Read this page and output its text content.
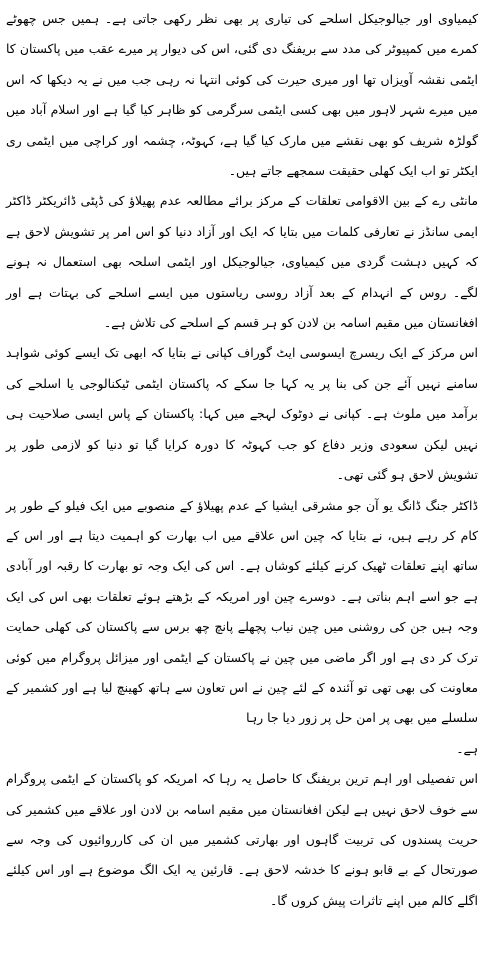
کیمیاوی اور جیالوجیکل اسلحے کی تیاری پر بھی نظر رکھی جاتی ہے۔ ہمیں جس چھوٹے کمرے میں کمپیوٹر کی مدد سے بریفنگ دی گئی، اس کی دیوار پر میرے عقب میں پاکستان کا ایٹمی نقشہ آویزاں تھا اور میری حیرت کی کوئی انتہا نہ رہی جب میں نے یہ دیکھا کہ اس میں میرے شہر لاہور میں بھی کسی ایٹمی سرگرمی کو ظاہر کیا گیا ہے اور اسلام آباد میں گولڑہ شریف کو بھی نقشے میں مارک کیا گیا ہے، کہوٹہ، چشمہ اور کراچی میں ایٹمی ری ایکٹر تو اب ایک کھلی حقیقت سمجھے جاتے ہیں۔

مانٹی رے کے بین الاقوامی تعلقات کے مرکز برائے مطالعہ عدم پھیلاؤ کی ڈپٹی ڈائریکٹر ڈاکٹر ایمی سانڈز نے تعارفی کلمات میں بتایا کہ ایک اور آزاد دنیا کو اس امر پر تشویش لاحق ہے کہ کہیں دہشت گردی میں کیمیاوی، جیالوجیکل اور ایٹمی اسلحہ بھی استعمال نہ ہونے لگے۔ روس کے انہدام کے بعد آزاد روسی ریاستوں میں ایسے اسلحے کی بہتات ہے اور افغانستان میں مقیم اسامہ بن لادن کو ہر قسم کے اسلحے کی تلاش ہے۔

اس مرکز کے ایک ریسرچ ایسوسی ایٹ گوراف کپانی نے بتایا کہ ابھی تک ایسے کوئی شواہد سامنے نہیں آئے جن کی بنا پر یہ کہا جا سکے کہ پاکستان ایٹمی ٹیکنالوجی یا اسلحے کی برآمد میں ملوث ہے۔ کپانی نے دوٹوک لہجے میں کہا: پاکستان کے پاس ایسی صلاحیت ہی نہیں لیکن سعودی وزیر دفاع کو جب کہوٹہ کا دورہ کرایا گیا تو دنیا کو لازمی طور پر تشویش لاحق ہو گئی تھی۔

ڈاکٹر جنگ ڈانگ یو آن جو مشرقی ایشیا کے عدم پھیلاؤ کے منصوبے میں ایک فیلو کے طور پر کام کر رہے ہیں، نے بتایا کہ چین اس علاقے میں اب بھارت کو اہمیت دیتا ہے اور اس کے ساتھ اپنے تعلقات ٹھیک کرنے کیلئے کوشاں ہے۔ اس کی ایک وجہ تو بھارت کا رقبہ اور آبادی ہے جو اسے اہم بناتی ہے۔ دوسرے چین اور امریکہ کے بڑھتے ہوئے تعلقات بھی اس کی ایک وجہ ہیں جن کی روشنی میں چین نیاب پچھلے پانچ چھ برس سے پاکستان کی کھلی حمایت ترک کر دی ہے اور اگر ماضی میں چین نے پاکستان کے ایٹمی اور میزائل پروگرام میں کوئی معاونت کی بھی تھی تو آئندہ کے لئے چین نے اس تعاون سے ہاتھ کھینچ لیا ہے اور کشمیر کے سلسلے میں بھی پر امن حل پر زور دیا جا رہا

ہے۔

اس تفصیلی اور اہم ترین بریفنگ کا حاصل یہ رہا کہ امریکہ کو پاکستان کے ایٹمی پروگرام سے خوف لاحق نہیں ہے لیکن افغانستان میں مقیم اسامہ بن لادن اور علاقے میں کشمیر کی حریت پسندوں کی تربیت گاہوں اور بھارتی کشمیر میں ان کی کارروائیوں کی وجہ سے صورتحال کے بے قابو ہونے کا خدشہ لاحق ہے۔ قارئین یہ ایک الگ موضوع ہے اور اس کیلئے اگلے کالم میں اپنے تاثرات پیش کروں گا۔
